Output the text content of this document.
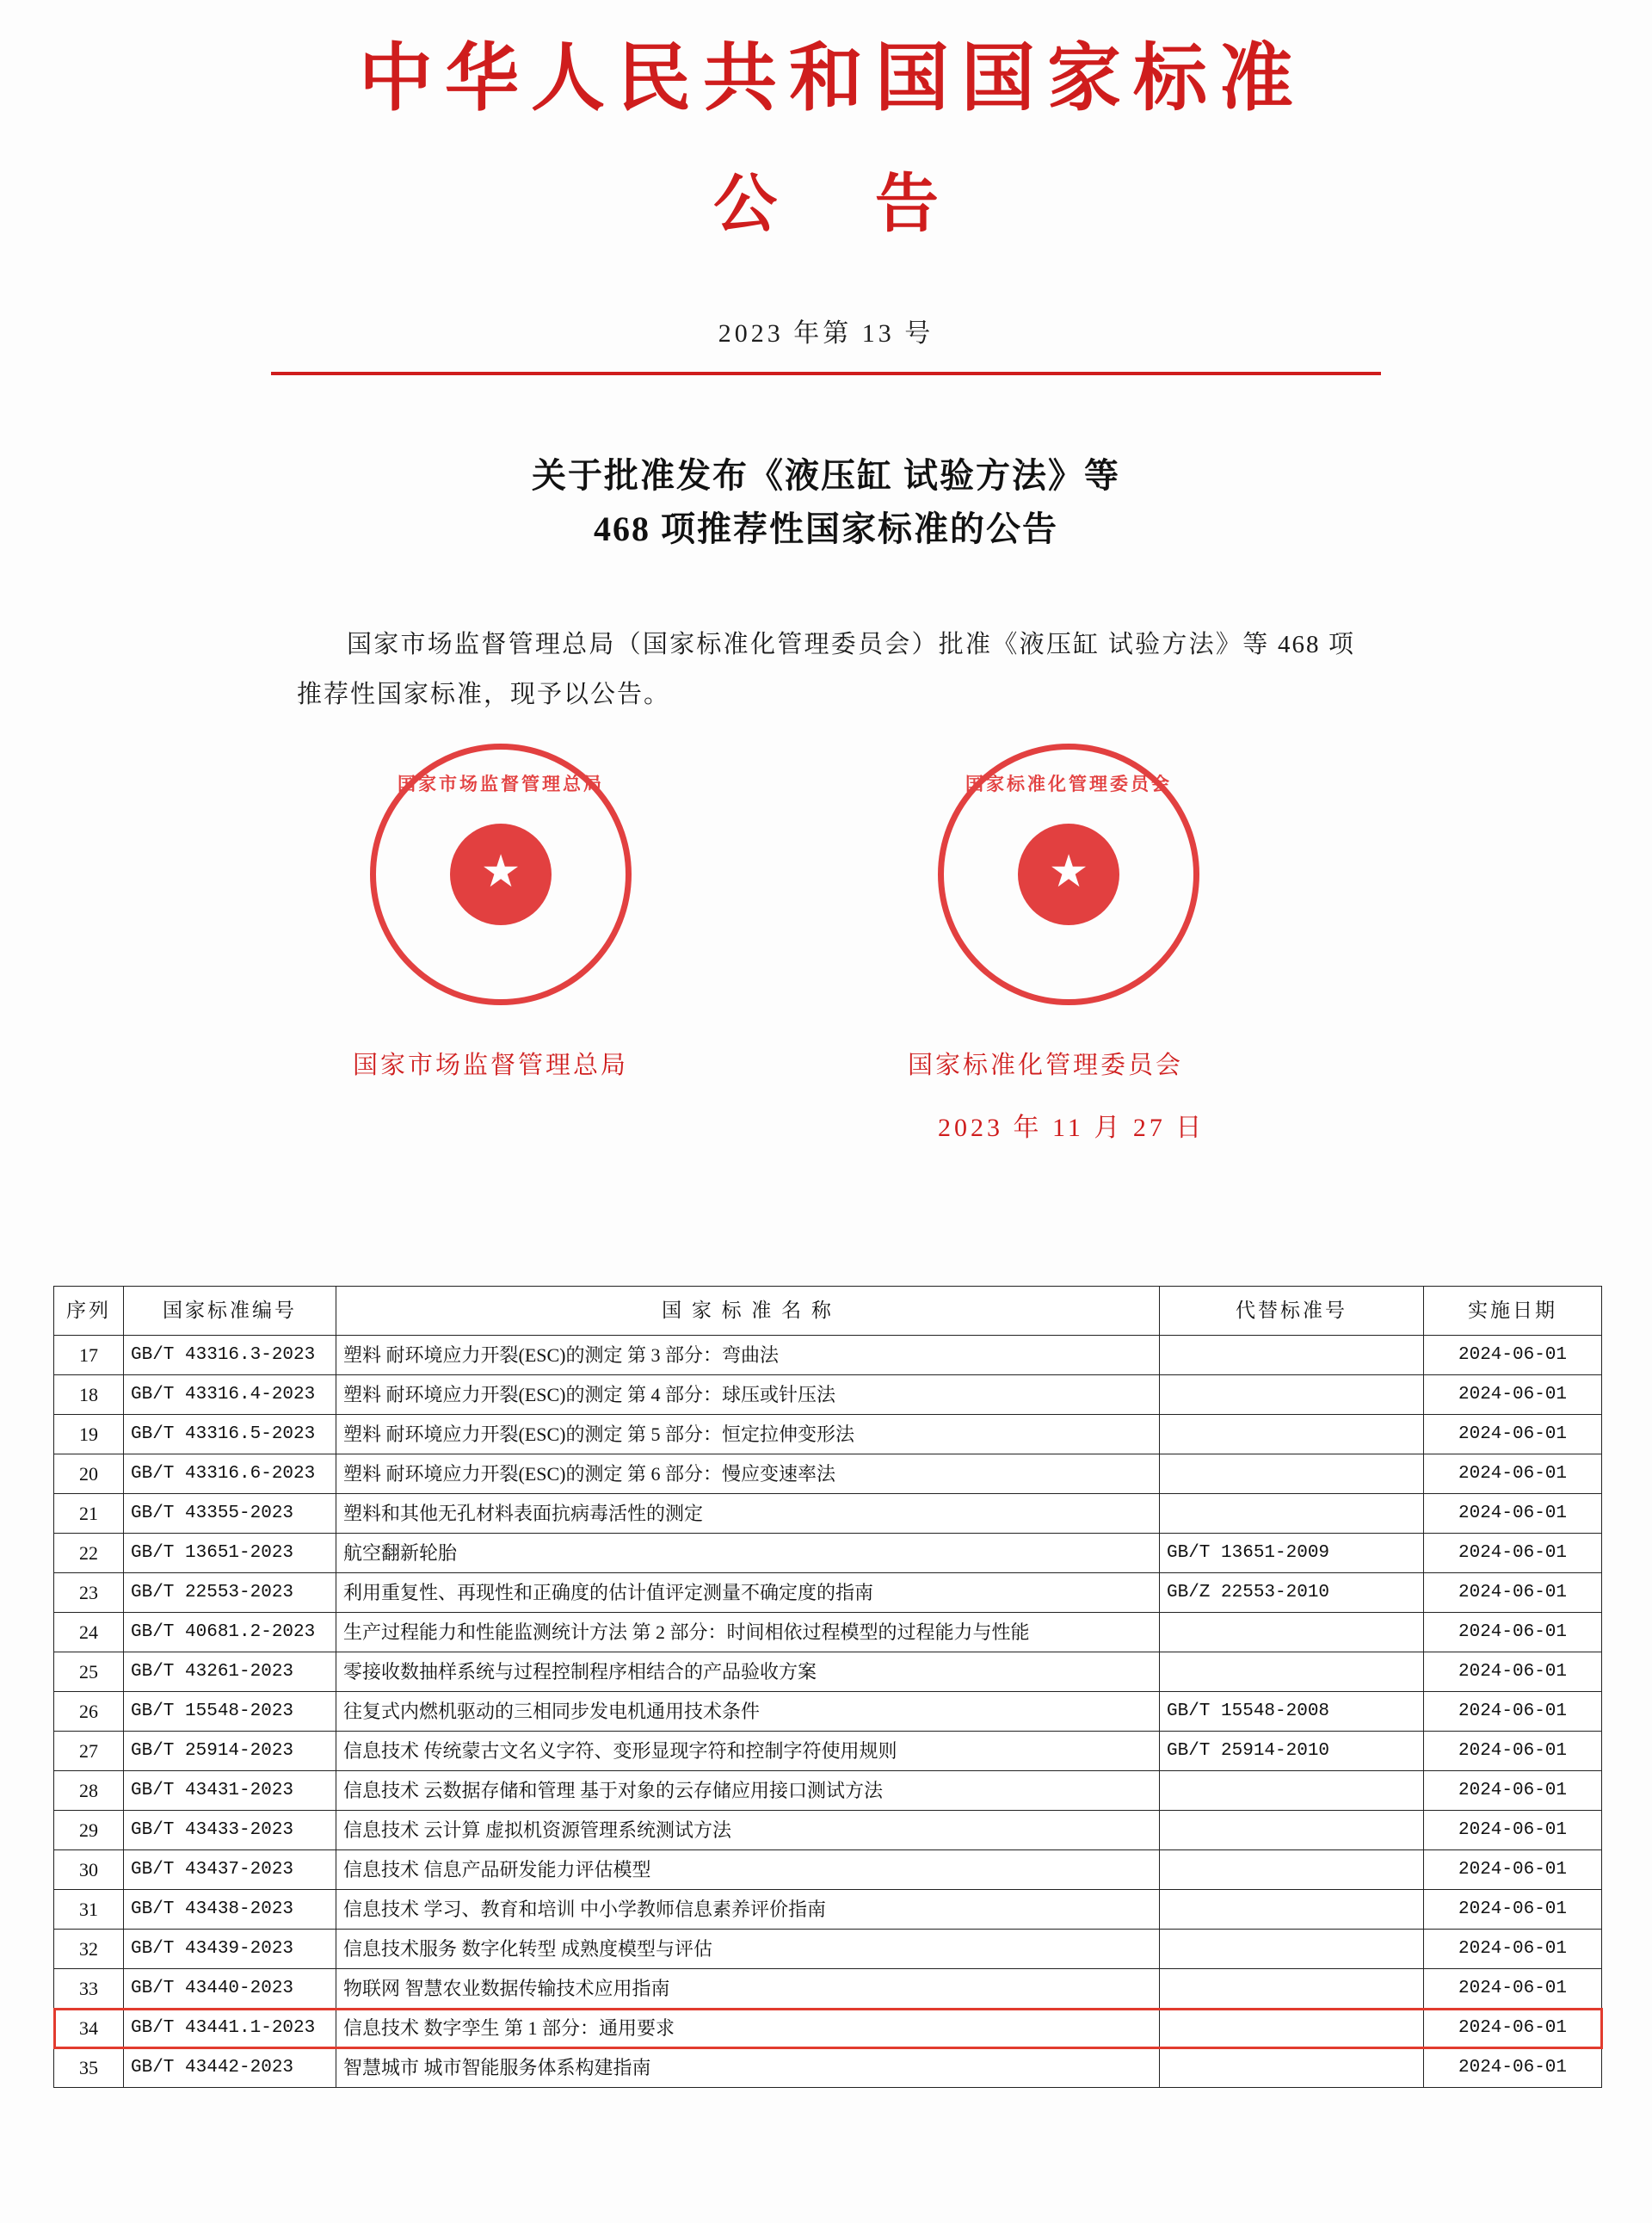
中华人民共和国国家标准
公 告
2023 年第 13 号
关于批准发布《液压缸 试验方法》等
468 项推荐性国家标准的公告
国家市场监督管理总局（国家标准化管理委员会）批准《液压缸 试验方法》等 468 项推荐性国家标准，现予以公告。
国家市场监督管理总局
★
国家标准化管理委员会
★
国家市场监督管理总局	国家标准化管理委员会
2023 年 11 月 27 日
序列	国家标准编号	国 家 标 准 名 称	代替标准号	实施日期
17	GB/T 43316.3-2023	塑料 耐环境应力开裂(ESC)的测定 第 3 部分：弯曲法		2024-06-01
18	GB/T 43316.4-2023	塑料 耐环境应力开裂(ESC)的测定 第 4 部分：球压或针压法		2024-06-01
19	GB/T 43316.5-2023	塑料 耐环境应力开裂(ESC)的测定 第 5 部分：恒定拉伸变形法		2024-06-01
20	GB/T 43316.6-2023	塑料 耐环境应力开裂(ESC)的测定 第 6 部分：慢应变速率法		2024-06-01
21	GB/T 43355-2023	塑料和其他无孔材料表面抗病毒活性的测定		2024-06-01
22	GB/T 13651-2023	航空翻新轮胎	GB/T 13651-2009	2024-06-01
23	GB/T 22553-2023	利用重复性、再现性和正确度的估计值评定测量不确定度的指南	GB/Z 22553-2010	2024-06-01
24	GB/T 40681.2-2023	生产过程能力和性能监测统计方法 第 2 部分：时间相依过程模型的过程能力与性能		2024-06-01
25	GB/T 43261-2023	零接收数抽样系统与过程控制程序相结合的产品验收方案		2024-06-01
26	GB/T 15548-2023	往复式内燃机驱动的三相同步发电机通用技术条件	GB/T 15548-2008	2024-06-01
27	GB/T 25914-2023	信息技术 传统蒙古文名义字符、变形显现字符和控制字符使用规则	GB/T 25914-2010	2024-06-01
28	GB/T 43431-2023	信息技术 云数据存储和管理 基于对象的云存储应用接口测试方法		2024-06-01
29	GB/T 43433-2023	信息技术 云计算 虚拟机资源管理系统测试方法		2024-06-01
30	GB/T 43437-2023	信息技术 信息产品研发能力评估模型		2024-06-01
31	GB/T 43438-2023	信息技术 学习、教育和培训 中小学教师信息素养评价指南		2024-06-01
32	GB/T 43439-2023	信息技术服务 数字化转型 成熟度模型与评估		2024-06-01
33	GB/T 43440-2023	物联网 智慧农业数据传输技术应用指南		2024-06-01
34	GB/T 43441.1-2023	信息技术 数字孪生 第 1 部分：通用要求		2024-06-01
35	GB/T 43442-2023	智慧城市 城市智能服务体系构建指南		2024-06-01
